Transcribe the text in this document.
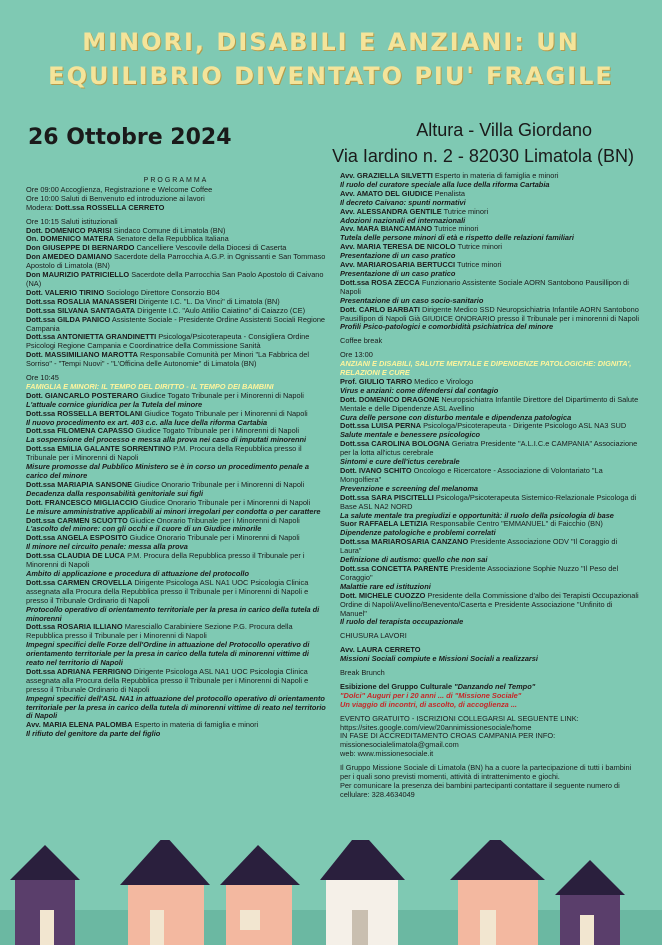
MINORI, DISABILI E ANZIANI: UN
EQUILIBRIO DIVENTATO PIU' FRAGILE
26 Ottobre 2024	Altura - Villa Giordano
Via Iardino n. 2 - 82030 Limatola (BN)

PROGRAMMA

Ore 09:00 Accoglienza, Registrazione e Welcome Coffee

Ore 10:00 Saluti di Benvenuto ed introduzione ai lavori

Modera: Dott.ssa ROSSELLA CERRETO

Ore 10:15 Saluti istituzionali

Dott. DOMENICO PARISI Sindaco Comune di Limatola (BN)

On. DOMENICO MATERA Senatore della Repubblica Italiana

Don GIUSEPPE DI BERNARDO Cancelliere Vescovile della Diocesi di Caserta

Don AMEDEO DAMIANO Sacerdote della Parrocchia A.G.P. in Ognissanti e San Tommaso Apostolo di Limatola (BN)

Don MAURIZIO PATRICIELLO Sacerdote della Parrocchia San Paolo Apostolo di Caivano (NA)

Dott. VALERIO TIRINO Sociologo Direttore Consorzio B04

Dott.ssa ROSALIA MANASSERI Dirigente I.C. "L. Da Vinci" di Limatola (BN)

Dott.ssa SILVANA SANTAGATA Dirigente I.C. "Aulo Attilio Caiatino" di Caiazzo (CE)

Dott.ssa GILDA PANICO Assistente Sociale - Presidente Ordine Assistenti Sociali Regione Campania

Dott.ssa ANTONIETTA GRANDINETTI Psicologa/Psicoterapeuta - Consigliera Ordine Psicologi Regione Campania e Coordinatrice della Commissione Sanità

Dott. MASSIMILIANO MAROTTA Responsabile Comunità per Minori "La Fabbrica del Sorriso" - "Tempi Nuovi" - "L'Officina delle Autonomie" di Limatola (BN)

Ore 10:45

FAMIGLIA E MINORI: IL TEMPO DEL DIRITTO - IL TEMPO DEI BAMBINI

Dott. GIANCARLO POSTERARO Giudice Togato Tribunale per i Minorenni di Napoli

L'attuale cornice giuridica per la Tutela del minore

Dott.ssa ROSSELLA BERTOLANI Giudice Togato Tribunale per i Minorenni di Napoli

Il nuovo procedimento ex art. 403 c.c. alla luce della riforma Cartabia

Dott.ssa FILOMENA CAPASSO Giudice Togato Tribunale per i Minorenni di Napoli

La sospensione del processo e messa alla prova nei caso di imputati minorenni

Dott.ssa EMILIA GALANTE SORRENTINO P.M. Procura della Repubblica presso il Tribunale per i Minorenni di Napoli

Misure promosse dal Pubblico Ministero se è in corso un procedimento penale a carico del minore

Dott.ssa MARIAPIA SANSONE Giudice Onorario Tribunale per i Minorenni di Napoli

Decadenza dalla responsabilità genitoriale sui figli

Dott. FRANCESCO MIGLIACCIO Giudice Onorario Tribunale per i Minorenni di Napoli

Le misure amministrative applicabili ai minori irregolari per condotta o per carattere

Dott.ssa CARMEN SCUOTTO Giudice Onorario Tribunale per i Minorenni di Napoli

L'ascolto del minore: con gli occhi e il cuore di un Giudice minorile

Dott.ssa ANGELA ESPOSITO Giudice Onorario Tribunale per i Minorenni di Napoli

Il minore nel circuito penale: messa alla prova

Dott.ssa CLAUDIA DE LUCA P.M. Procura della Repubblica presso il Tribunale per i Minorenni di Napoli

Ambito di applicazione e procedura di attuazione del protocollo

Dott.ssa CARMEN CROVELLA Dirigente Psicologa ASL NA1 UOC Psicologia Clinica assegnata alla Procura della Repubblica presso il Tribunale per i Minorenni di Napoli e presso il Tribunale Ordinario di Napoli

Protocollo operativo di orientamento territoriale per la presa in carico della tutela di minorenni

Dott.ssa ROSARIA ILLIANO Maresciallo Carabiniere Sezione P.G. Procura della Repubblica presso il Tribunale per i Minorenni di Napoli

Impegni specifici delle Forze dell'Ordine in attuazione del Protocollo operativo di orientamento territoriale per la presa in carico della tutela di minorenni vittime di reato nel territorio di Napoli

Dott.ssa ADRIANA FERRIGNO Dirigente Psicologa ASL NA1 UOC Psicologia Clinica assegnata alla Procura della Repubblica presso il Tribunale per i Minorenni di Napoli e presso il Tribunale Ordinario di Napoli

Impegni specifici dell'ASL NA1 in attuazione del protocollo operativo di orientamento territoriale per la presa in carico della tutela di minorenni vittime di reato nel territorio di Napoli

Avv. MARIA ELENA PALOMBA Esperto in materia di famiglia e minori

Il rifiuto del genitore da parte del figlio

Avv. GRAZIELLA SILVETTI Esperto in materia di famiglia e minori

Il ruolo del curatore speciale alla luce della riforma Cartabia

Avv. AMATO DEL GIUDICE Penalista

Il decreto Caivano: spunti normativi

Avv. ALESSANDRA GENTILE Tutrice minori

Adozioni nazionali ed internazionali

Avv. MARA BIANCAMANO Tutrice minori

Tutela delle persone minori di età e rispetto delle relazioni familiari

Avv. MARIA TERESA DE NICOLO Tutrice minori

Presentazione di un caso pratico

Avv. MARIAROSARIA BERTUCCI Tutrice minori

Presentazione di un caso pratico

Dott.ssa ROSA ZECCA Funzionario Assistente Sociale AORN Santobono Pausillipon di Napoli

Presentazione di un caso socio-sanitario

Dott. CARLO BARBATI Dirigente Medico SSD Neuropsichiatria Infantile AORN Santobono Pausillipon di Napoli Già GIUDICE ONORARIO presso il Tribunale per i minorenni di Napoli

Profili Psico-patologici e comorbidità psichiatrica del minore

Coffee break

Ore 13:00

ANZIANI E DISABILI, SALUTE MENTALE E DIPENDENZE PATOLOGICHE: DIGNITA', RELAZIONI E CURE

Prof. GIULIO TARRO Medico e Virologo

Virus e anziani: come difendersi dal contagio

Dott. DOMENICO DRAGONE Neuropsichiatra Infantile Direttore del Dipartimento di Salute Mentale e delle Dipendenze ASL Avellino

Cura delle persone con disturbo mentale e dipendenza patologica

Dott.ssa LUISA PERNA Psicologa/Psicoterapeuta - Dirigente Psicologo ASL NA3 SUD

Salute mentale e benessere psicologico

Dott.ssa CAROLINA BOLOGNA Geriatra Presidente "A.L.I.C.e CAMPANIA" Associazione per la lotta all'ictus cerebrale

Sintomi e cure dell'ictus cerebrale

Dott. IVANO SCHITO Oncologo e Ricercatore - Associazione di Volontariato "La Mongolfiera"

Prevenzione e screening del melanoma

Dott.ssa SARA PISCITELLI Psicologa/Psicoterapeuta Sistemico-Relazionale Psicologa di Base ASL NA2 NORD

La salute mentale tra pregiudizi e opportunità: il ruolo della psicologia di base

Suor RAFFAELA LETIZIA Responsabile Centro "EMMANUEL" di Faicchio (BN)

Dipendenze patologiche e problemi correlati

Dott.ssa MARIAROSARIA CANZANO Presidente Associazione ODV "Il Coraggio di Laura"

Definizione di autismo: quello che non sai

Dott.ssa CONCETTA PARENTE Presidente Associazione Sophie Nuzzo "Il Peso del Coraggio"

Malattie rare ed istituzioni

Dott. MICHELE CUOZZO Presidente della Commissione d'albo dei Terapisti Occupazionali Ordine di Napoli/Avellino/Benevento/Caserta e Presidente Associazione "Unfinito di Manuel"

Il ruolo del terapista occupazionale

CHIUSURA LAVORI

Avv. LAURA CERRETO

Missioni Sociali compiute e Missioni Sociali a realizzarsi

Break Brunch

Esibizione del Gruppo Culturale "Danzando nel Tempo"

"Dolci" Auguri per i 20 anni ... di "Missione Sociale"

Un viaggio di incontri, di ascolto, di accoglienza ...

EVENTO GRATUITO - ISCRIZIONI COLLEGARSI AL SEGUENTE LINK:

https://sites.google.com/view/20annimissionesociale/home

IN FASE DI ACCREDITAMENTO CROAS CAMPANIA PER INFO: missionesocialelimatola@gmail.com

web: www.missionesociale.it

Il Gruppo Missione Sociale di Limatola (BN) ha a cuore la partecipazione di tutti i bambini per i quali sono previsti momenti, attività di intrattenimento e giochi.

Per comunicare la presenza dei bambini partecipanti contattare il seguente numero di cellulare: 328.4634049
